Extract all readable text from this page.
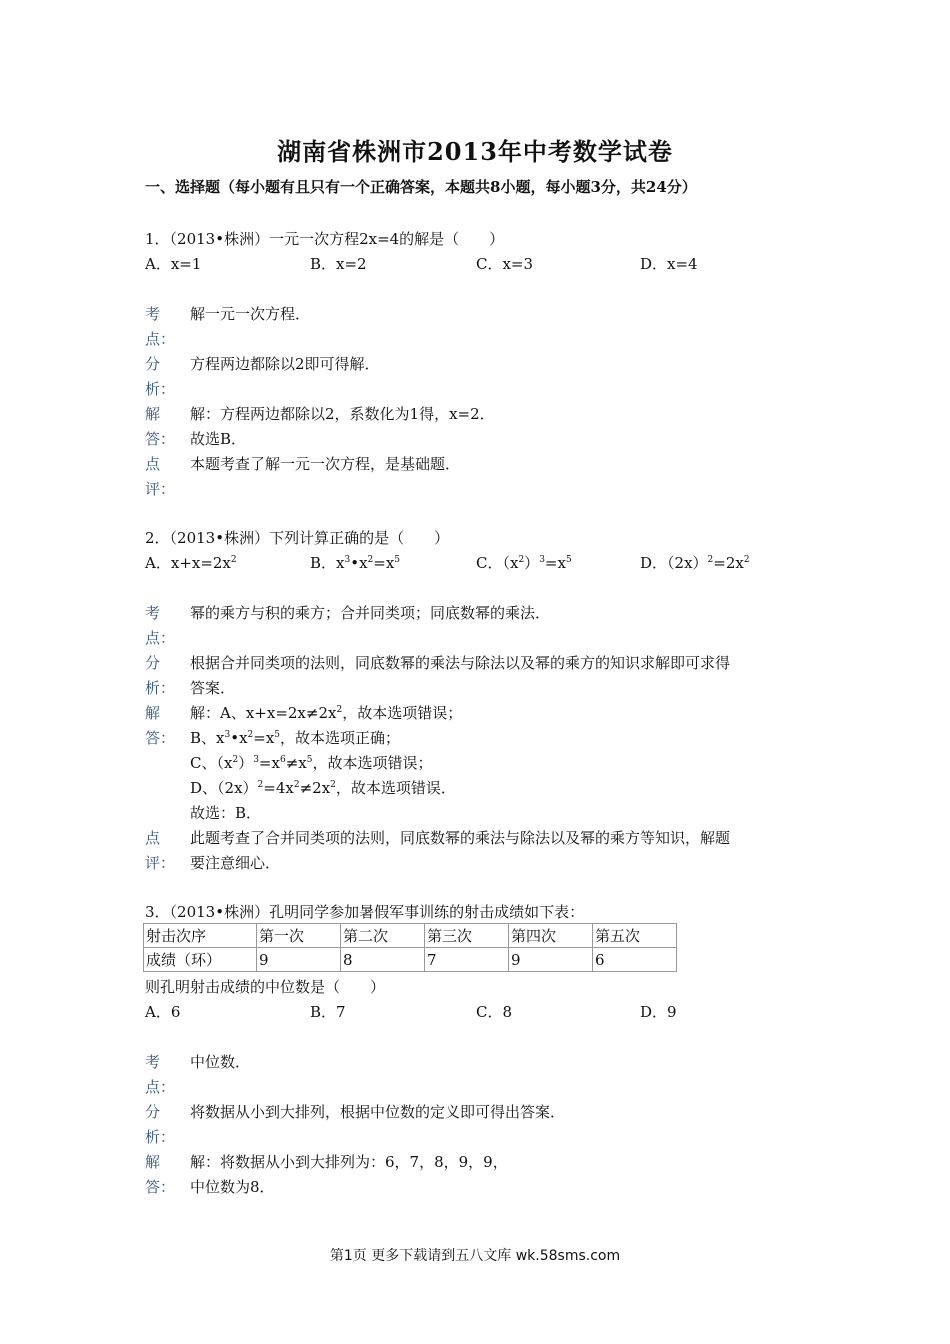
湖南省株洲市2013年中考数学试卷
一、选择题（每小题有且只有一个正确答案，本题共8小题，每小题3分，共24分）
1．（2013•株洲）一元一次方程2x=4的解是（　　）
A．x=1	B．x=2	C．x=3	D．x=4
考
点：
解一元一次方程．
分
析：
方程两边都除以2即可得解．
解
答：
解：方程两边都除以2，系数化为1得，x=2．
故选B．
点
评：
本题考查了解一元一次方程，是基础题．
2．（2013•株洲）下列计算正确的是（　　）
A．$x+x=2x^2$	B．$x^3•x^2=x^5$	C．$(x^2)^3=x^5$	D．$(2x)^2=2x^2$
考
点：
幂的乘方与积的乘方；合并同类项；同底数幂的乘法．
分
析：
根据合并同类项的法则，同底数幂的乘法与除法以及幂的乘方的知识求解即可求得
答案．
解
答：
解：A、$x+x=2x\ne 2x^2$，故本选项错误；
B、$x^3•x^2=x^5$，故本选项正确；
C、$(x^2)^3=x^6\ne x^5$，故本选项错误；
D、$(2x)^2=4x^2\ne 2x^2$，故本选项错误．
故选：B．
点
评：
此题考查了合并同类项的法则，同底数幂的乘法与除法以及幂的乘方等知识，解题
要注意细心．
3．（2013•株洲）孔明同学参加暑假军事训练的射击成绩如下表：
射击次序	第一次	第二次	第三次	第四次	第五次
成绩（环）	9	8	7	9	6
则孔明射击成绩的中位数是（　　）
A．6	B．7	C．8	D．9
考
点：
中位数．
分
析：
将数据从小到大排列，根据中位数的定义即可得出答案．
解
答：
解：将数据从小到大排列为：6，7，8，9，9，
中位数为8．
第1页 更多下载请到五八文库 wk.58sms.com
